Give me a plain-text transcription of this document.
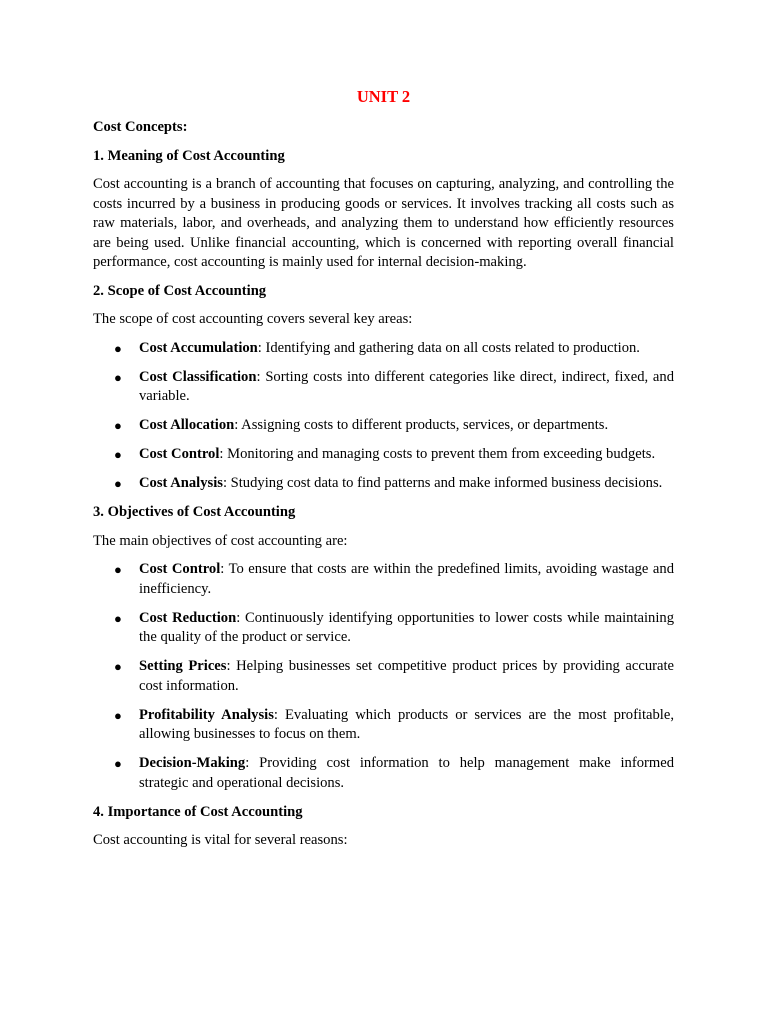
UNIT 2
Cost Concepts:
1. Meaning of Cost Accounting
Cost accounting is a branch of accounting that focuses on capturing, analyzing, and controlling the costs incurred by a business in producing goods or services. It involves tracking all costs such as raw materials, labor, and overheads, and analyzing them to understand how efficiently resources are being used. Unlike financial accounting, which is concerned with reporting overall financial performance, cost accounting is mainly used for internal decision-making.
2. Scope of Cost Accounting
The scope of cost accounting covers several key areas:
● Cost Accumulation: Identifying and gathering data on all costs related to production.
● Cost Classification: Sorting costs into different categories like direct, indirect, fixed, and variable.
● Cost Allocation: Assigning costs to different products, services, or departments.
● Cost Control: Monitoring and managing costs to prevent them from exceeding budgets.
● Cost Analysis: Studying cost data to find patterns and make informed business decisions.
3. Objectives of Cost Accounting
The main objectives of cost accounting are:
● Cost Control: To ensure that costs are within the predefined limits, avoiding wastage and inefficiency.
● Cost Reduction: Continuously identifying opportunities to lower costs while maintaining the quality of the product or service.
● Setting Prices: Helping businesses set competitive product prices by providing accurate cost information.
● Profitability Analysis: Evaluating which products or services are the most profitable, allowing businesses to focus on them.
● Decision-Making: Providing cost information to help management make informed strategic and operational decisions.
4. Importance of Cost Accounting
Cost accounting is vital for several reasons:
